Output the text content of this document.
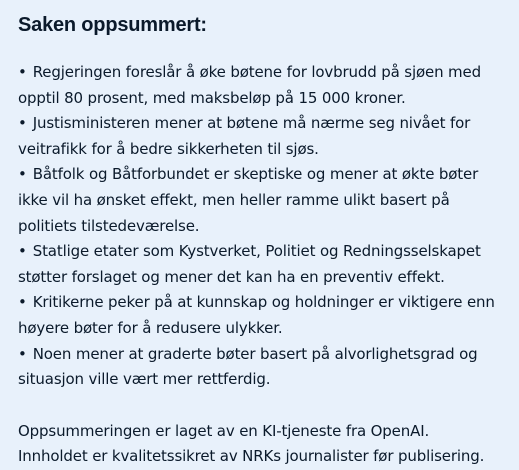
Saken oppsummert:
• Regjeringen foreslår å øke bøtene for lovbrudd på sjøen med opptil 80 prosent, med maksbeløp på 15 000 kroner.
• Justisministeren mener at bøtene må nærme seg nivået for veitrafikk for å bedre sikkerheten til sjøs.
• Båtfolk og Båtforbundet er skeptiske og mener at økte bøter ikke vil ha ønsket effekt, men heller ramme ulikt basert på politiets tilstedeværelse.
• Statlige etater som Kystverket, Politiet og Redningsselskapet støtter forslaget og mener det kan ha en preventiv effekt.
• Kritikerne peker på at kunnskap og holdninger er viktigere enn høyere bøter for å redusere ulykker.
• Noen mener at graderte bøter basert på alvorlighetsgrad og situasjon ville vært mer rettferdig.

Oppsummeringen er laget av en KI-tjeneste fra OpenAI. Innholdet er kvalitetssikret av NRKs journalister før publisering.
